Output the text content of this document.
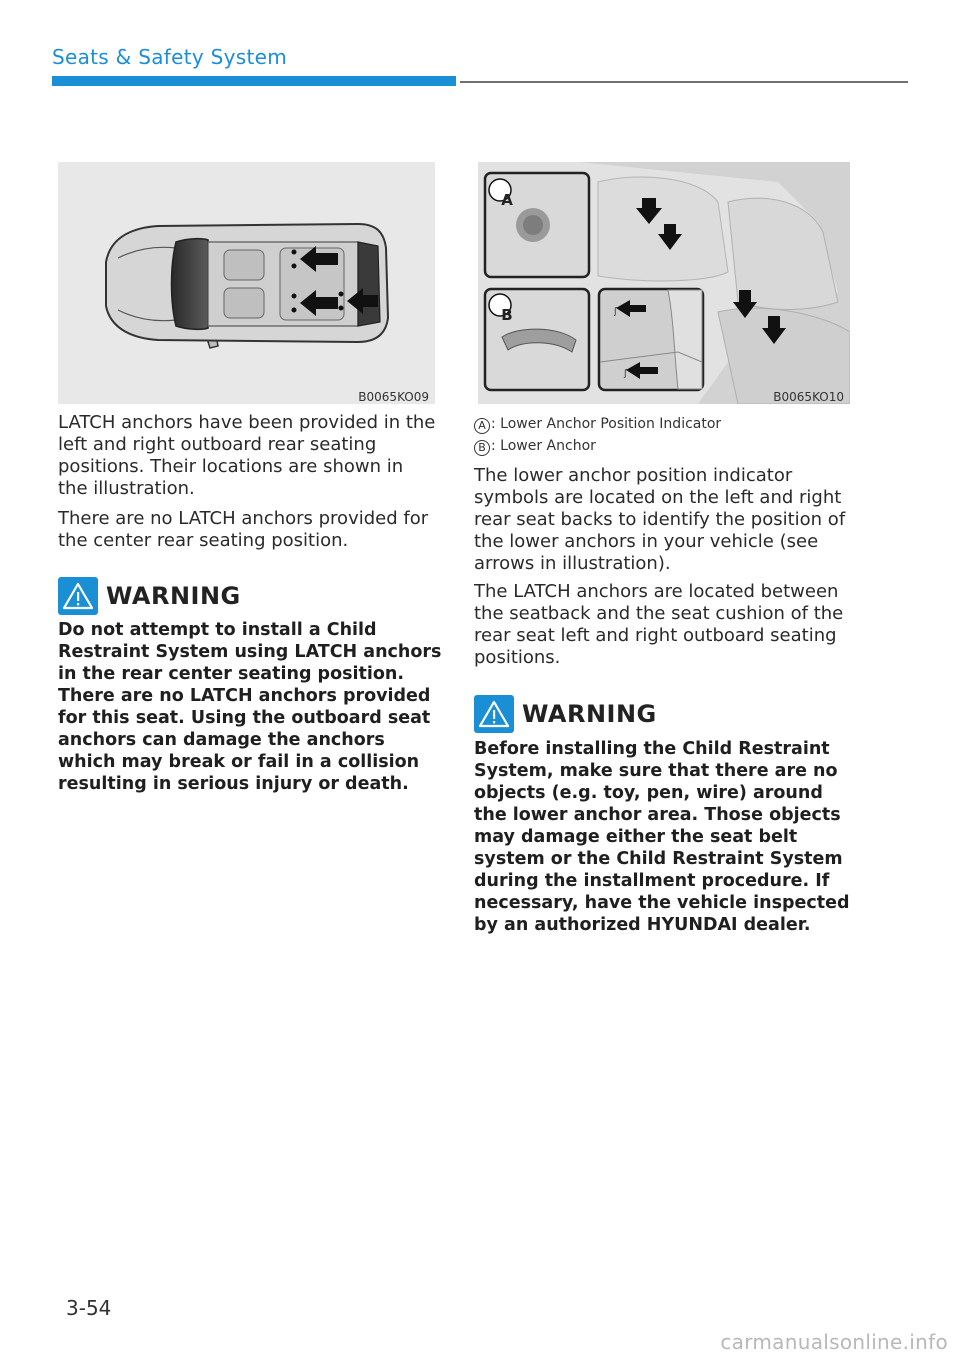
Seats & Safety System
B0065KO09
ʃ
ʃ
A
B
B0065KO10

LATCH anchors have been provided in the left and right outboard rear seating positions. Their locations are shown in the illustration.

There are no LATCH anchors provided for the center rear seating position.

WARNING

Do not attempt to install a Child Restraint System using LATCH anchors in the rear center seating position. There are no LATCH anchors provided for this seat. Using the outboard seat anchors can damage the anchors which may break or fail in a collision resulting in serious injury or death.

A : Lower Anchor Position Indicator
B : Lower Anchor

The lower anchor position indicator symbols are located on the left and right rear seat backs to identify the position of the lower anchors in your vehicle (see arrows in illustration).

The LATCH anchors are located between the seatback and the seat cushion of the rear seat left and right outboard seating positions.

WARNING

Before installing the Child Restraint System, make sure that there are no objects (e.g. toy, pen, wire) around the lower anchor area. Those objects may damage either the seat belt system or the Child Restraint System during the installment procedure. If necessary, have the vehicle inspected by an authorized HYUNDAI dealer.

3-54
carmanualsonline.info
